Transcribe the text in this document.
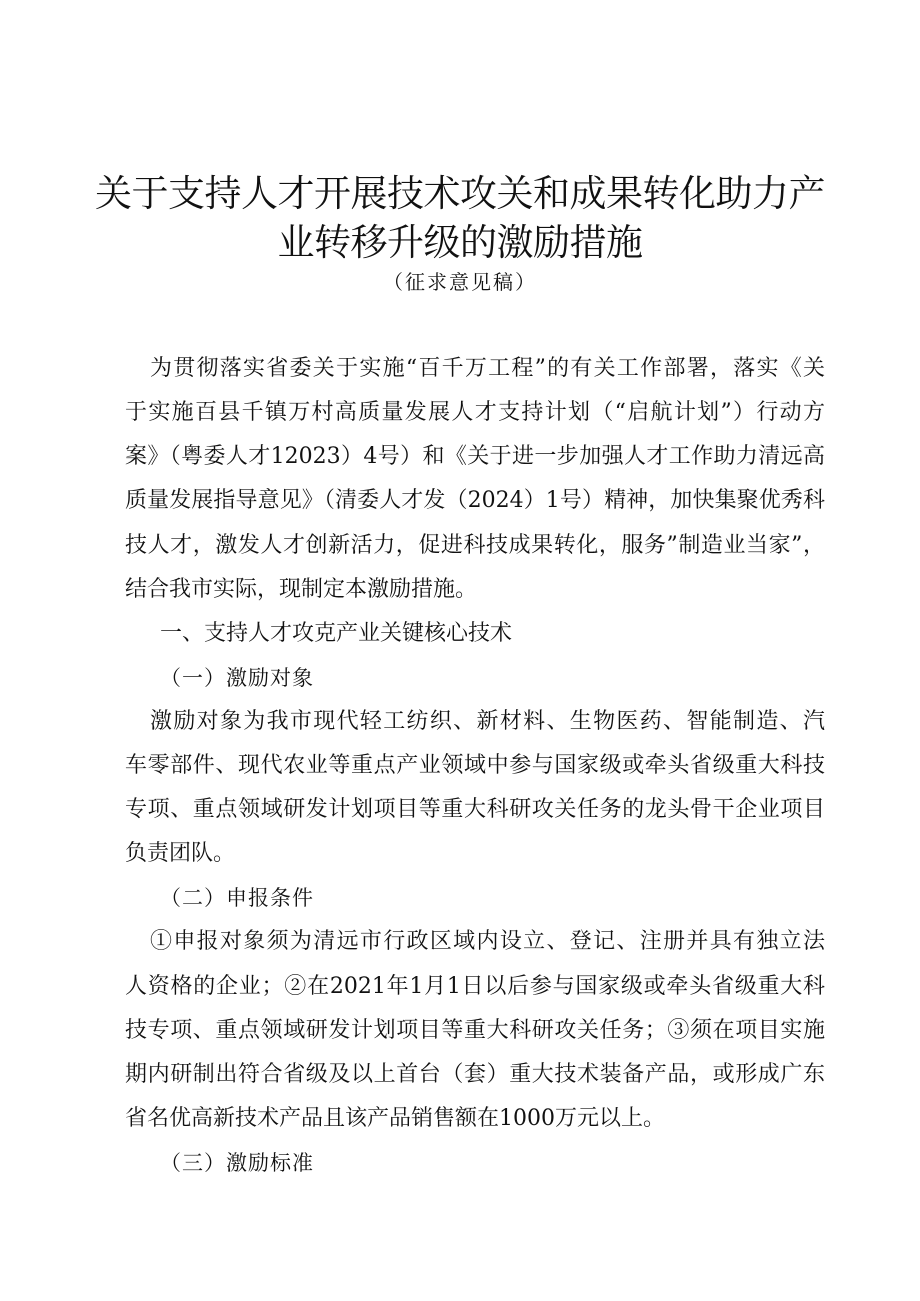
关于支持人才开展技术攻关和成果转化助力产
业转移升级的激励措施
（征求意见稿）
为贯彻落实省委关于实施“百千万工程”的有关工作部署，落实《关
于实施百县千镇万村高质量发展人才支持计划（“启航计划”）行动方
案》（粤委人才12023）4号）和《关于进一步加强人才工作助力清远高
质量发展指导意见》（清委人才发（2024）1号）精神，加快集聚优秀科
技人才，激发人才创新活力，促进科技成果转化，服务”制造业当家”，
结合我市实际，现制定本激励措施。
一、支持人才攻克产业关键核心技术
（一）激励对象
激励对象为我市现代轻工纺织、新材料、生物医药、智能制造、汽
车零部件、现代农业等重点产业领域中参与国家级或牵头省级重大科技
专项、重点领域研发计划项目等重大科研攻关任务的龙头骨干企业项目
负责团队。
（二）申报条件
①申报对象须为清远市行政区域内设立、登记、注册并具有独立法
人资格的企业；②在2021年1月1日以后参与国家级或牵头省级重大科
技专项、重点领域研发计划项目等重大科研攻关任务；③须在项目实施
期内研制出符合省级及以上首台（套）重大技术装备产品，或形成广东
省名优高新技术产品且该产品销售额在1000万元以上。
（三）激励标准
